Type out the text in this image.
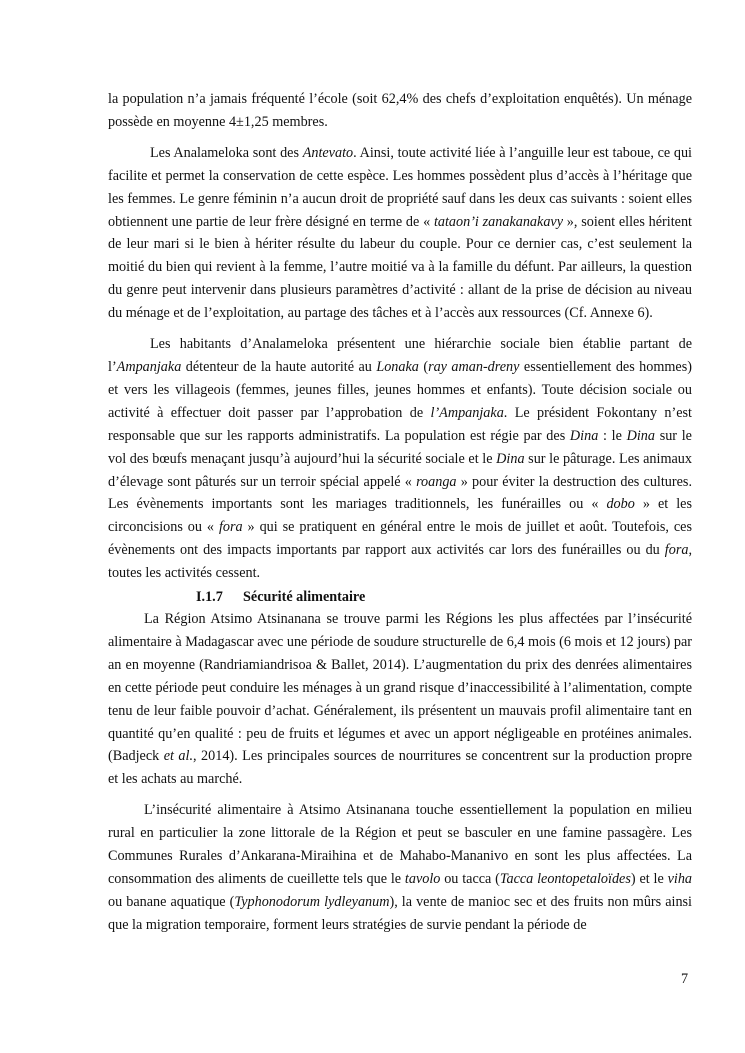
la population n’a jamais fréquenté l’école (soit 62,4% des chefs d’exploitation enquêtés). Un ménage possède en moyenne 4±1,25 membres.

Les Analameloka sont des Antevato. Ainsi, toute activité liée à l’anguille leur est taboue, ce qui facilite et permet la conservation de cette espèce. Les hommes possèdent plus d’accès à l’héritage que les femmes. Le genre féminin n’a aucun droit de propriété sauf dans les deux cas suivants : soient elles obtiennent une partie de leur frère désigné en terme de « tataon’i zanakanakavy », soient elles héritent de leur mari si le bien à hériter résulte du labeur du couple. Pour ce dernier cas, c’est seulement la moitié du bien qui revient à la femme, l’autre moitié va à la famille du défunt. Par ailleurs, la question du genre peut intervenir dans plusieurs paramètres d’activité : allant de la prise de décision au niveau du ménage et de l’exploitation, au partage des tâches et à l’accès aux ressources (Cf. Annexe 6).

Les habitants d’Analameloka présentent une hiérarchie sociale bien établie partant de l’Ampanjaka détenteur de la haute autorité au Lonaka (ray aman-dreny essentiellement des hommes) et vers les villageois (femmes, jeunes filles, jeunes hommes et enfants). Toute décision sociale ou activité à effectuer doit passer par l’approbation de l’Ampanjaka. Le président Fokontany n’est responsable que sur les rapports administratifs. La population est régie par des Dina : le Dina sur le vol des bœufs menaçant jusqu’à aujourd’hui la sécurité sociale et le Dina sur le pâturage. Les animaux d’élevage sont pâturés sur un terroir spécial appelé « roanga » pour éviter la destruction des cultures. Les évènements importants sont les mariages traditionnels, les funérailles ou « dobo » et les circoncisions ou « fora » qui se pratiquent en général entre le mois de juillet et août. Toutefois, ces évènements ont des impacts importants par rapport aux activités car lors des funérailles ou du fora, toutes les activités cessent.

I.1.7 Sécurité alimentaire

La Région Atsimo Atsinanana se trouve parmi les Régions les plus affectées par l’insécurité alimentaire à Madagascar avec une période de soudure structurelle de 6,4 mois (6 mois et 12 jours) par an en moyenne (Randriamiandrisoa & Ballet, 2014). L’augmentation du prix des denrées alimentaires en cette période peut conduire les ménages à un grand risque d’inaccessibilité à l’alimentation, compte tenu de leur faible pouvoir d’achat. Généralement, ils présentent un mauvais profil alimentaire tant en quantité qu’en qualité : peu de fruits et légumes et avec un apport négligeable en protéines animales. (Badjeck et al., 2014). Les principales sources de nourritures se concentrent sur la production propre et les achats au marché.

L’insécurité alimentaire à Atsimo Atsinanana touche essentiellement la population en milieu rural en particulier la zone littorale de la Région et peut se basculer en une famine passagère. Les Communes Rurales d’Ankarana-Miraihina et de Mahabo-Mananivo en sont les plus affectées. La consommation des aliments de cueillette tels que le tavolo ou tacca (Tacca leontopetaloïdes) et le viha ou banane aquatique (Typhonodorum lydleyanum), la vente de manioc sec et des fruits non mûrs ainsi que la migration temporaire, forment leurs stratégies de survie pendant la période de

7
